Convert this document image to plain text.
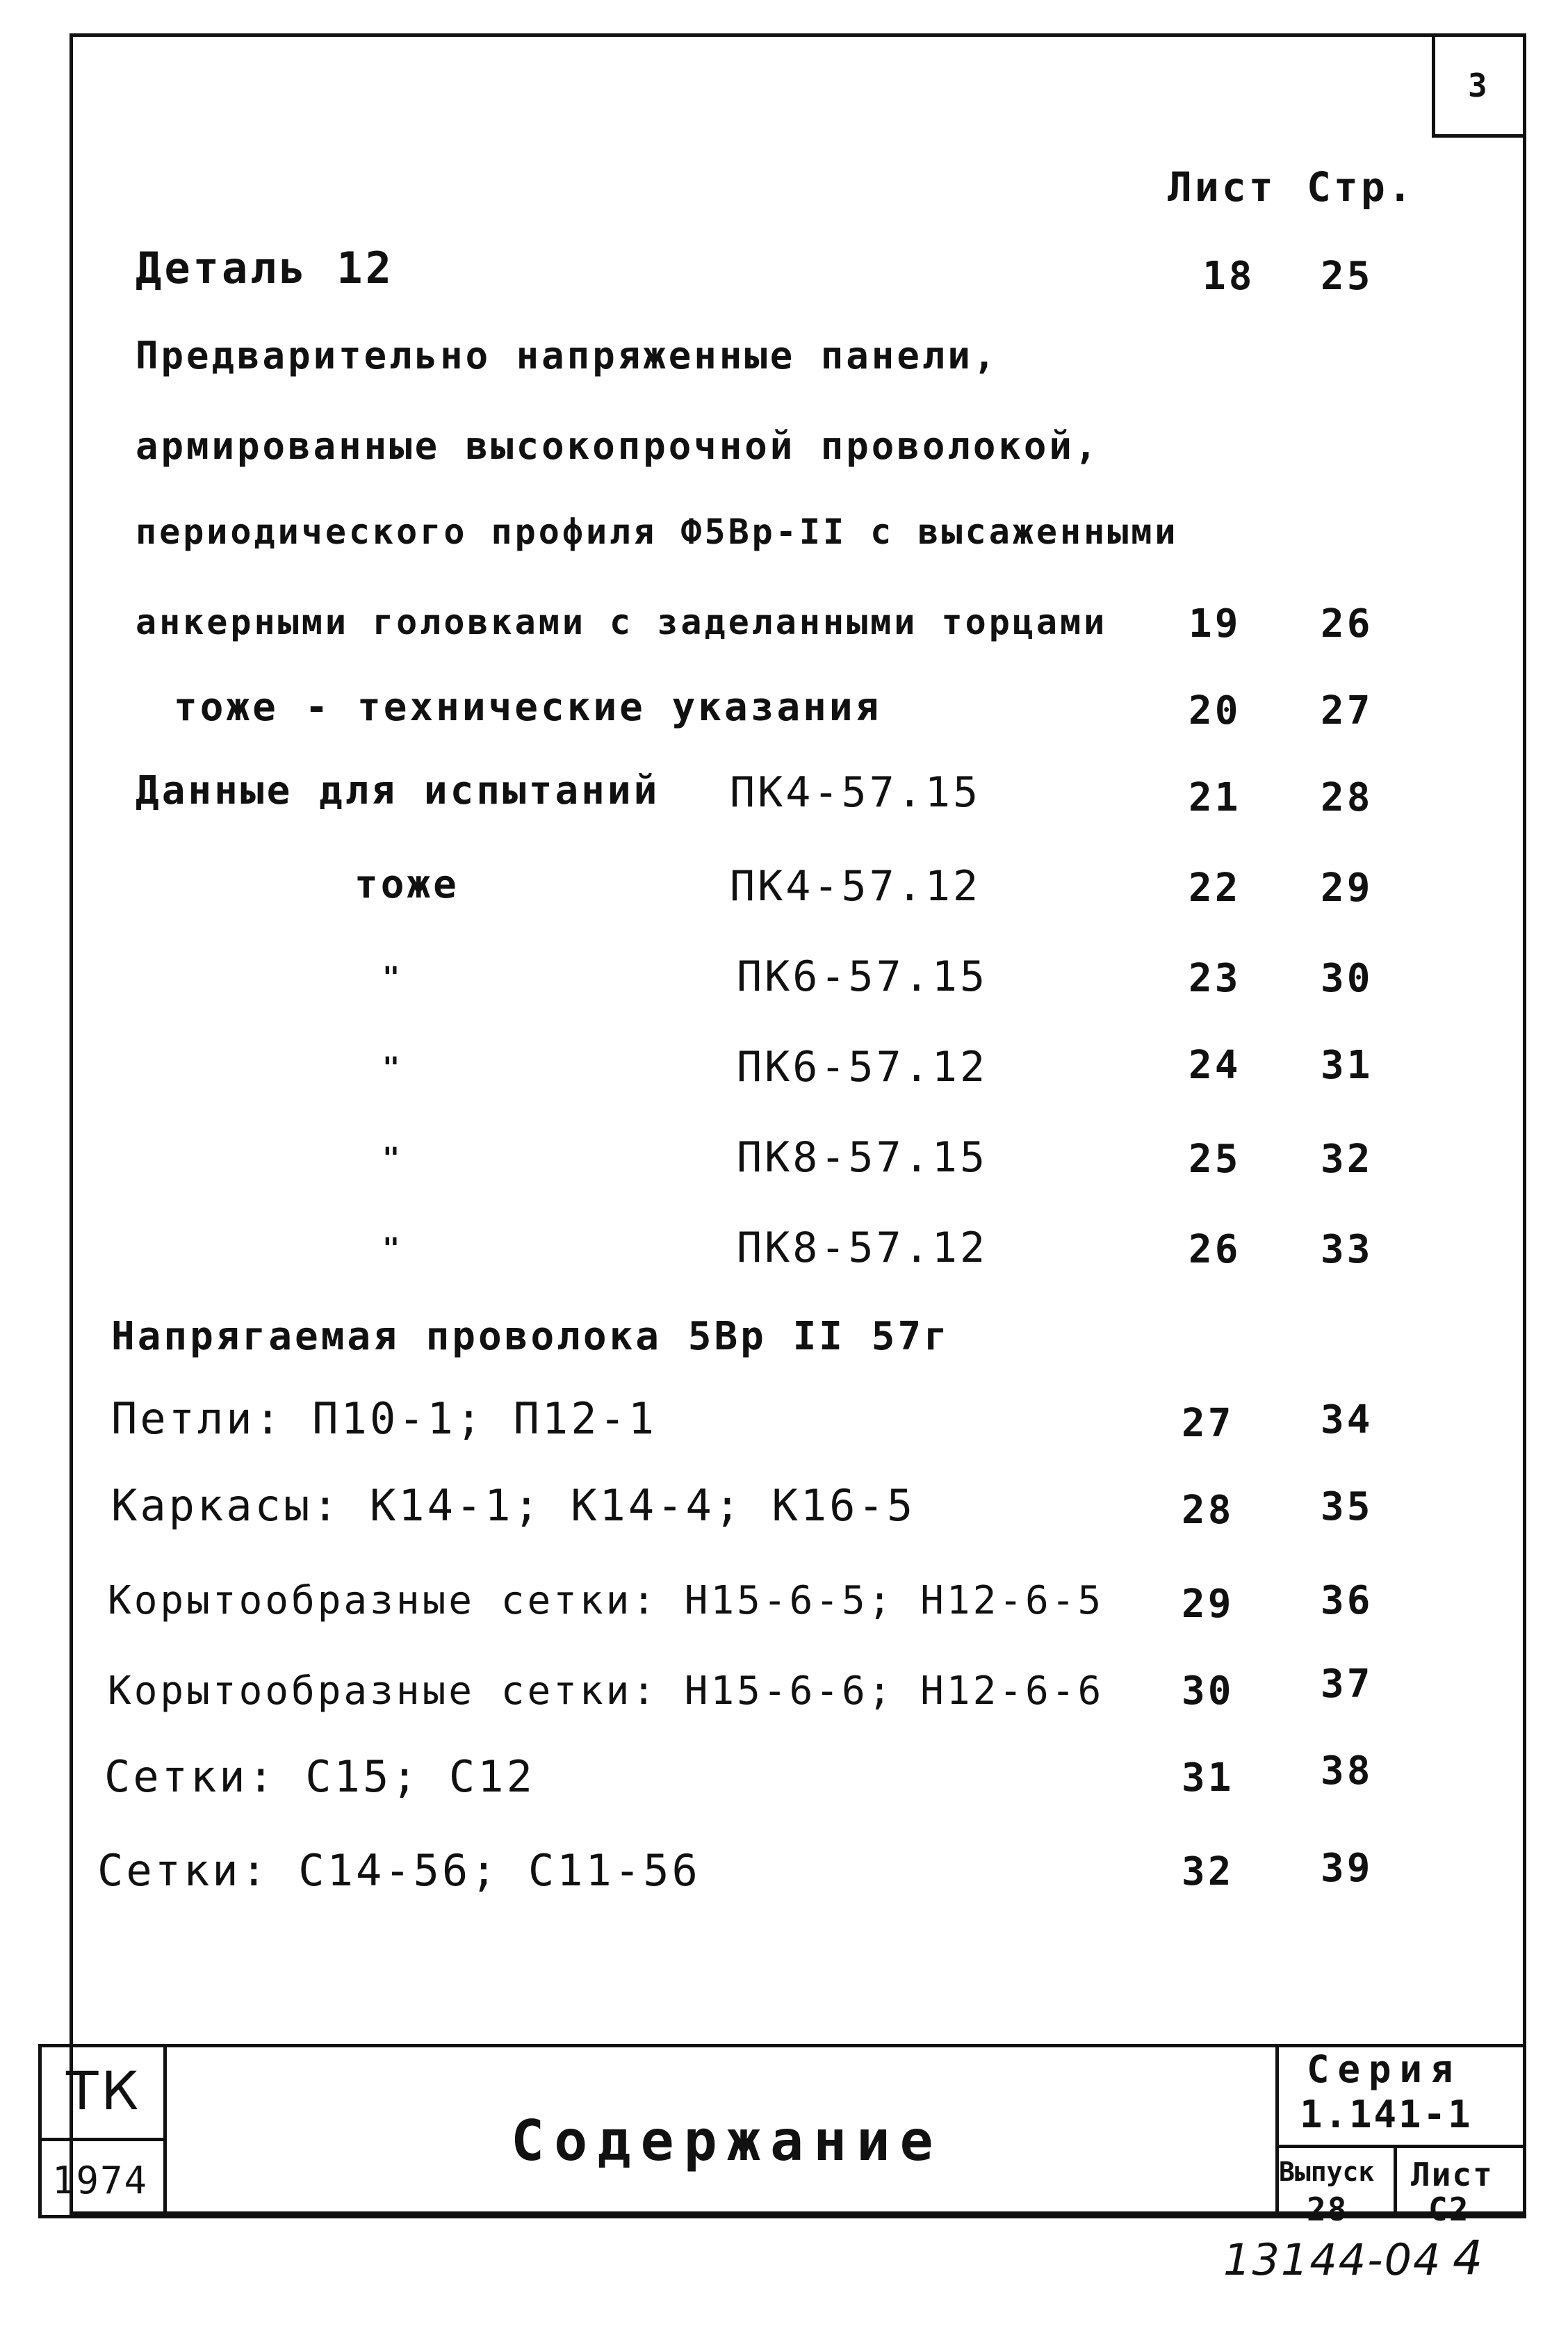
3
Лист Стр.
Деталь 12	18 25
Предварительно напряженные панели,
армированные высокопрочной проволокой,
периодического профиля Ф5Вр-II с высаженными
анкерными головками с заделанными торцами 19 26
тоже - технические указания	20 27
Данные для испытаний ПК4-57.15	21 28
тоже	ПК4-57.12	22 29
"	ПК6-57.15	23 30
"	ПК6-57.12	24 31
"	ПК8-57.15	25 32
"	ПК8-57.12	26 33
Напрягаемая проволока 5Вр II 57г
Петли: П10-1; П12-1	27 34
Каркасы: К14-1; К14-4; К16-5	28 35
Корытообразные сетки: Н15-6-5; Н12-6-5 29 36
Корытообразные сетки: Н15-6-6; Н12-6-6 30 37
Сетки: С15; С12	31 38
Сетки: С14-56; С11-56	32 39
ТК
1974
Содержание
Серия
1.141-1
Выпуск
28
Лист
С2
13144-04 4
